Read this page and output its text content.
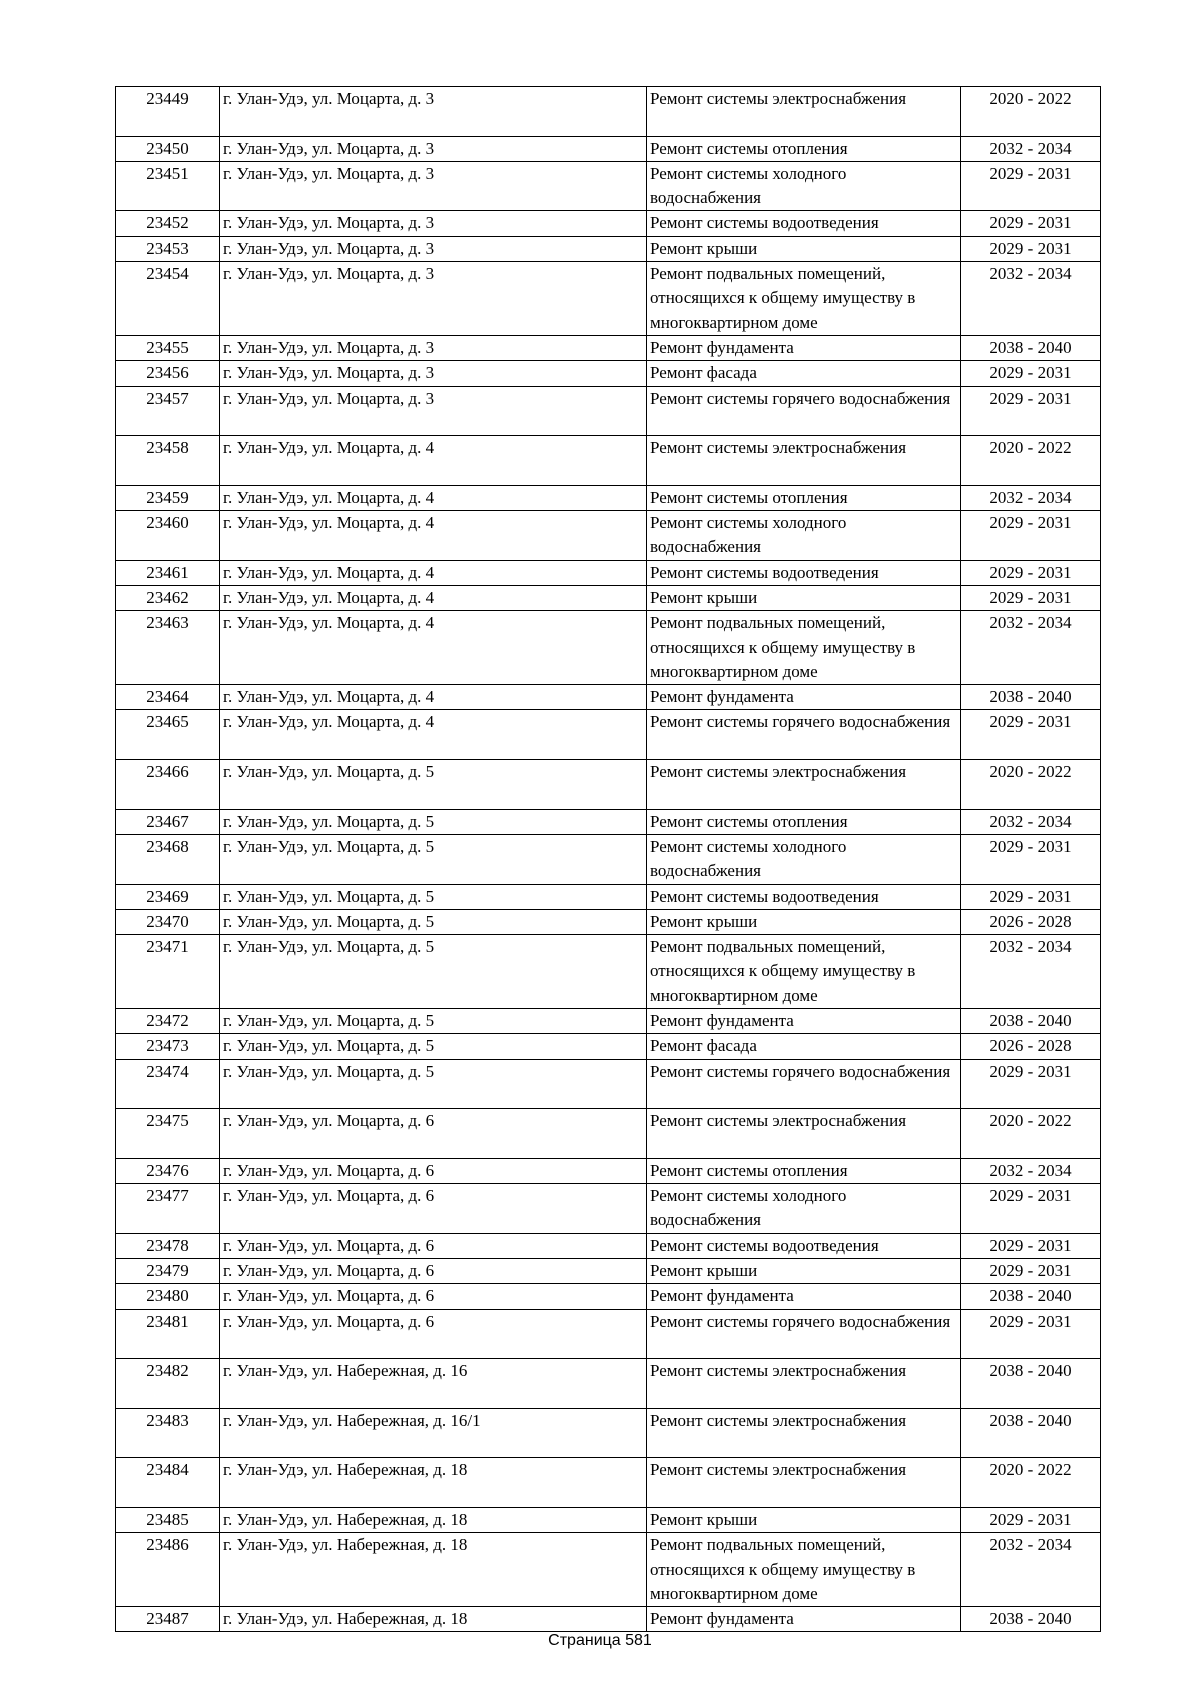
23449	г. Улан-Удэ, ул. Моцарта, д. 3	Ремонт системы электроснабжения	2020 - 2022
23450	г. Улан-Удэ, ул. Моцарта, д. 3	Ремонт системы отопления	2032 - 2034
23451	г. Улан-Удэ, ул. Моцарта, д. 3	Ремонт системы холодного водоснабжения	2029 - 2031
23452	г. Улан-Удэ, ул. Моцарта, д. 3	Ремонт системы водоотведения	2029 - 2031
23453	г. Улан-Удэ, ул. Моцарта, д. 3	Ремонт крыши	2029 - 2031
23454	г. Улан-Удэ, ул. Моцарта, д. 3	Ремонт подвальных помещений, относящихся к общему имуществу в многоквартирном доме	2032 - 2034
23455	г. Улан-Удэ, ул. Моцарта, д. 3	Ремонт фундамента	2038 - 2040
23456	г. Улан-Удэ, ул. Моцарта, д. 3	Ремонт фасада	2029 - 2031
23457	г. Улан-Удэ, ул. Моцарта, д. 3	Ремонт системы горячего водоснабжения	2029 - 2031
23458	г. Улан-Удэ, ул. Моцарта, д. 4	Ремонт системы электроснабжения	2020 - 2022
23459	г. Улан-Удэ, ул. Моцарта, д. 4	Ремонт системы отопления	2032 - 2034
23460	г. Улан-Удэ, ул. Моцарта, д. 4	Ремонт системы холодного водоснабжения	2029 - 2031
23461	г. Улан-Удэ, ул. Моцарта, д. 4	Ремонт системы водоотведения	2029 - 2031
23462	г. Улан-Удэ, ул. Моцарта, д. 4	Ремонт крыши	2029 - 2031
23463	г. Улан-Удэ, ул. Моцарта, д. 4	Ремонт подвальных помещений, относящихся к общему имуществу в многоквартирном доме	2032 - 2034
23464	г. Улан-Удэ, ул. Моцарта, д. 4	Ремонт фундамента	2038 - 2040
23465	г. Улан-Удэ, ул. Моцарта, д. 4	Ремонт системы горячего водоснабжения	2029 - 2031
23466	г. Улан-Удэ, ул. Моцарта, д. 5	Ремонт системы электроснабжения	2020 - 2022
23467	г. Улан-Удэ, ул. Моцарта, д. 5	Ремонт системы отопления	2032 - 2034
23468	г. Улан-Удэ, ул. Моцарта, д. 5	Ремонт системы холодного водоснабжения	2029 - 2031
23469	г. Улан-Удэ, ул. Моцарта, д. 5	Ремонт системы водоотведения	2029 - 2031
23470	г. Улан-Удэ, ул. Моцарта, д. 5	Ремонт крыши	2026 - 2028
23471	г. Улан-Удэ, ул. Моцарта, д. 5	Ремонт подвальных помещений, относящихся к общему имуществу в многоквартирном доме	2032 - 2034
23472	г. Улан-Удэ, ул. Моцарта, д. 5	Ремонт фундамента	2038 - 2040
23473	г. Улан-Удэ, ул. Моцарта, д. 5	Ремонт фасада	2026 - 2028
23474	г. Улан-Удэ, ул. Моцарта, д. 5	Ремонт системы горячего водоснабжения	2029 - 2031
23475	г. Улан-Удэ, ул. Моцарта, д. 6	Ремонт системы электроснабжения	2020 - 2022
23476	г. Улан-Удэ, ул. Моцарта, д. 6	Ремонт системы отопления	2032 - 2034
23477	г. Улан-Удэ, ул. Моцарта, д. 6	Ремонт системы холодного водоснабжения	2029 - 2031
23478	г. Улан-Удэ, ул. Моцарта, д. 6	Ремонт системы водоотведения	2029 - 2031
23479	г. Улан-Удэ, ул. Моцарта, д. 6	Ремонт крыши	2029 - 2031
23480	г. Улан-Удэ, ул. Моцарта, д. 6	Ремонт фундамента	2038 - 2040
23481	г. Улан-Удэ, ул. Моцарта, д. 6	Ремонт системы горячего водоснабжения	2029 - 2031
23482	г. Улан-Удэ, ул. Набережная, д. 16	Ремонт системы электроснабжения	2038 - 2040
23483	г. Улан-Удэ, ул. Набережная, д. 16/1	Ремонт системы электроснабжения	2038 - 2040
23484	г. Улан-Удэ, ул. Набережная, д. 18	Ремонт системы электроснабжения	2020 - 2022
23485	г. Улан-Удэ, ул. Набережная, д. 18	Ремонт крыши	2029 - 2031
23486	г. Улан-Удэ, ул. Набережная, д. 18	Ремонт подвальных помещений, относящихся к общему имуществу в многоквартирном доме	2032 - 2034
23487	г. Улан-Удэ, ул. Набережная, д. 18	Ремонт фундамента	2038 - 2040
Страница 581
